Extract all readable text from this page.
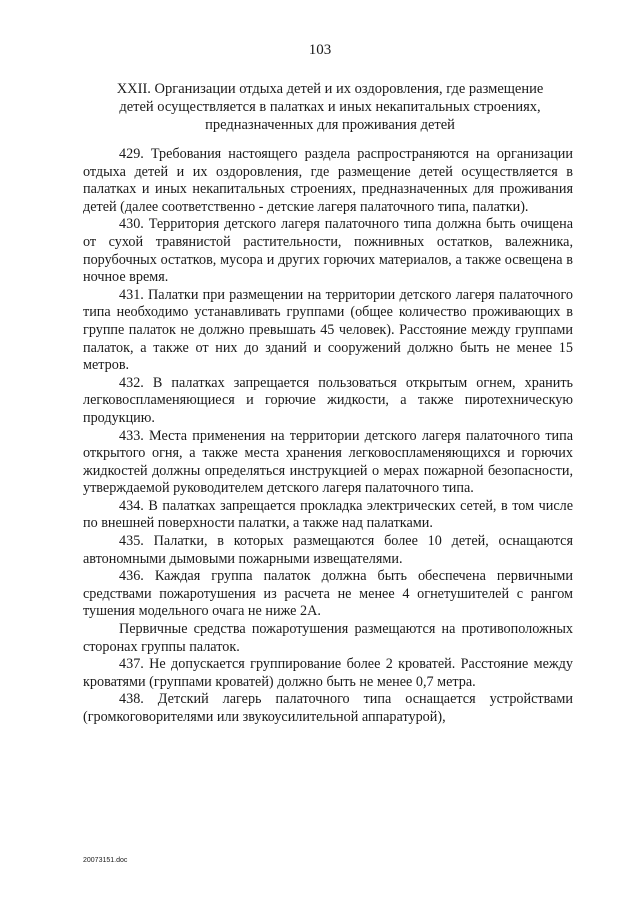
103
XXII. Организации отдыха детей и их оздоровления, где размещение детей осуществляется в палатках и иных некапитальных строениях, предназначенных для проживания детей

429. Требования настоящего раздела распространяются на организации отдыха детей и их оздоровления, где размещение детей осуществляется в палатках и иных некапитальных строениях, предназначенных для проживания детей (далее соответственно - детские лагеря палаточного типа, палатки).

430. Территория детского лагеря палаточного типа должна быть очищена от сухой травянистой растительности, пожнивных остатков, валежника, порубочных остатков, мусора и других горючих материалов, а также освещена в ночное время.

431. Палатки при размещении на территории детского лагеря палаточного типа необходимо устанавливать группами (общее количество проживающих в группе палаток не должно превышать 45 человек). Расстояние между группами палаток, а также от них до зданий и сооружений должно быть не менее 15 метров.

432. В палатках запрещается пользоваться открытым огнем, хранить легковоспламеняющиеся и горючие жидкости, а также пиротехническую продукцию.

433. Места применения на территории детского лагеря палаточного типа открытого огня, а также места хранения легковоспламеняющихся и горючих жидкостей должны определяться инструкцией о мерах пожарной безопасности, утверждаемой руководителем детского лагеря палаточного типа.

434. В палатках запрещается прокладка электрических сетей, в том числе по внешней поверхности палатки, а также над палатками.

435. Палатки, в которых размещаются более 10 детей, оснащаются автономными дымовыми пожарными извещателями.

436. Каждая группа палаток должна быть обеспечена первичными средствами пожаротушения из расчета не менее 4 огнетушителей с рангом тушения модельного очага не ниже 2А.

Первичные средства пожаротушения размещаются на противоположных сторонах группы палаток.

437. Не допускается группирование более 2 кроватей. Расстояние между кроватями (группами кроватей) должно быть не менее 0,7 метра.

438. Детский лагерь палаточного типа оснащается устройствами (громкоговорителями или звукоусилительной аппаратурой),

20073151.doc
